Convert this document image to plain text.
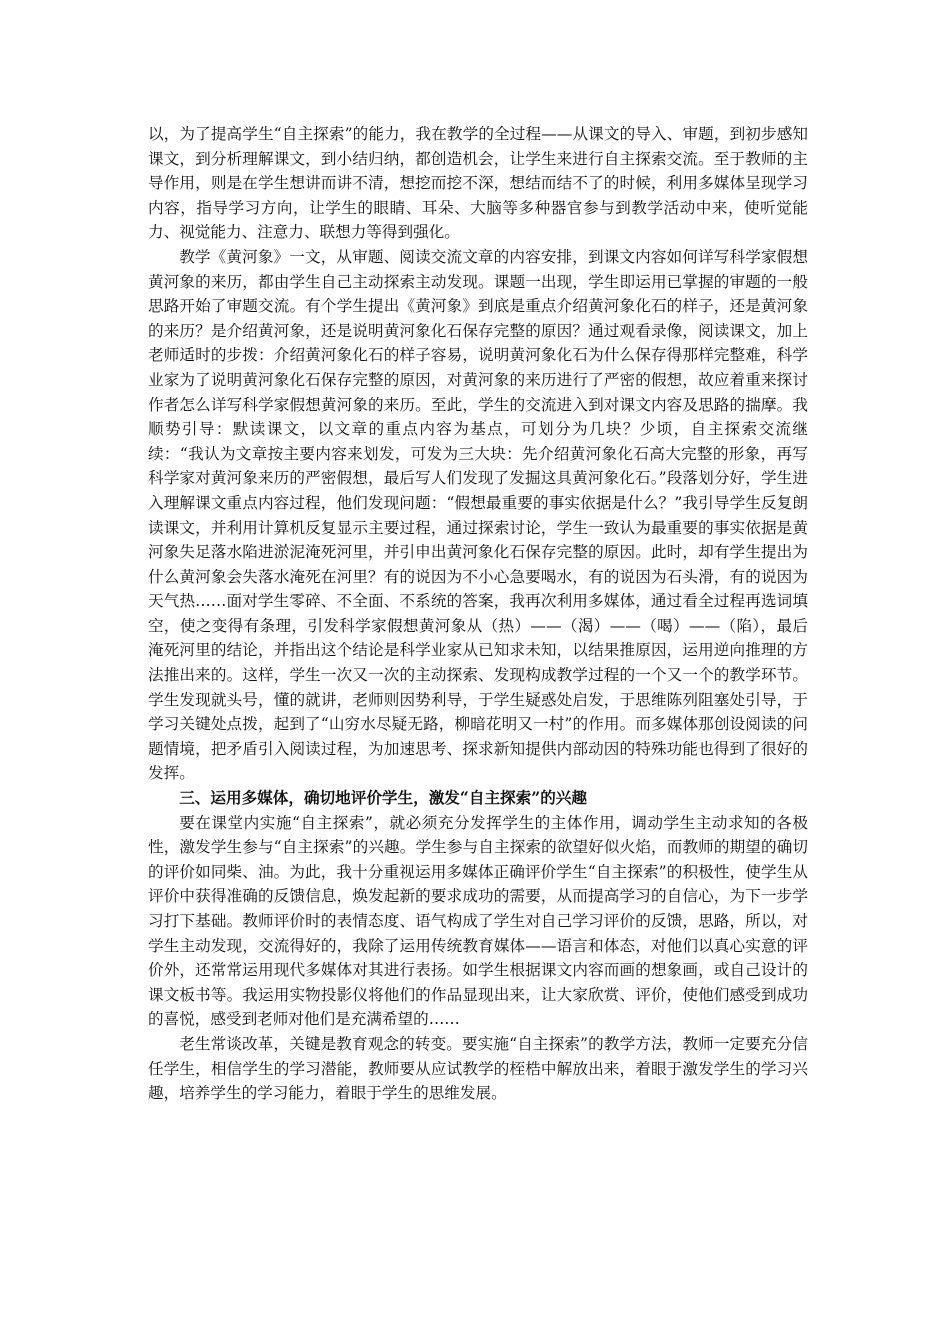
以，为了提高学生“自主探索”的能力，我在教学的全过程——从课文的导入、审题，到初步感知课文，到分析理解课文，到小结归纳，都创造机会，让学生来进行自主探索交流。至于教师的主导作用，则是在学生想讲而讲不清，想挖而挖不深，想结而结不了的时候，利用多媒体呈现学习内容，指导学习方向，让学生的眼睛、耳朵、大脑等多种器官参与到教学活动中来，使听觉能力、视觉能力、注意力、联想力等得到强化。

教学《黄河象》一文，从审题、阅读交流文章的内容安排，到课文内容如何详写科学家假想黄河象的来历，都由学生自己主动探索主动发现。课题一出现，学生即运用已掌握的审题的一般思路开始了审题交流。有个学生提出《黄河象》到底是重点介绍黄河象化石的样子，还是黄河象的来历？是介绍黄河象，还是说明黄河象化石保存完整的原因？通过观看录像，阅读课文，加上老师适时的步拨：介绍黄河象化石的样子容易，说明黄河象化石为什么保存得那样完整难，科学业家为了说明黄河象化石保存完整的原因，对黄河象的来历进行了严密的假想，故应着重来探讨作者怎么详写科学家假想黄河象的来历。至此，学生的交流进入到对课文内容及思路的揣摩。我顺势引导：默读课文，以文章的重点内容为基点，可划分为几块？少顷，自主探索交流继续：“我认为文章按主要内容来划发，可发为三大块：先介绍黄河象化石高大完整的形象，再写科学家对黄河象来历的严密假想，最后写人们发现了发掘这具黄河象化石。”段落划分好，学生进入理解课文重点内容过程，他们发现问题：“假想最重要的事实依据是什么？”我引导学生反复朗读课文，并利用计算机反复显示主要过程，通过探索讨论，学生一致认为最重要的事实依据是黄河象失足落水陷进淤泥淹死河里，并引申出黄河象化石保存完整的原因。此时，却有学生提出为什么黄河象会失落水淹死在河里？有的说因为不小心急要喝水，有的说因为石头滑，有的说因为天气热……面对学生零碎、不全面、不系统的答案，我再次利用多媒体，通过看全过程再选词填空，使之变得有条理，引发科学家假想黄河象从（热）——（渴）——（喝）——（陷），最后淹死河里的结论，并指出这个结论是科学业家从已知求未知，以结果推原因，运用逆向推理的方法推出来的。这样，学生一次又一次的主动探索、发现构成教学过程的一个又一个的教学环节。学生发现就头号，懂的就讲，老师则因势利导，于学生疑惑处启发，于思维陈列阻塞处引导，于学习关键处点拨，起到了“山穷水尽疑无路，柳暗花明又一村”的作用。而多媒体那创设阅读的问题情境，把矛盾引入阅读过程，为加速思考、探求新知提供内部动因的特殊功能也得到了很好的发挥。

三、运用多媒体，确切地评价学生，激发“自主探索”的兴趣

要在课堂内实施“自主探索”，就必须充分发挥学生的主体作用，调动学生主动求知的各极性，激发学生参与“自主探索”的兴趣。学生参与自主探索的欲望好似火焰，而教师的期望的确切的评价如同柴、油。为此，我十分重视运用多媒体正确评价学生“自主探索”的积极性，使学生从评价中获得准确的反馈信息，焕发起新的要求成功的需要，从而提高学习的自信心，为下一步学习打下基础。教师评价时的表情态度、语气构成了学生对自己学习评价的反馈，思路，所以，对学生主动发现，交流得好的，我除了运用传统教育媒体——语言和体态，对他们以真心实意的评价外，还常常运用现代多媒体对其进行表扬。如学生根据课文内容而画的想象画，或自己设计的课文板书等。我运用实物投影仪将他们的作品显现出来，让大家欣赏、评价，使他们感受到成功的喜悦，感受到老师对他们是充满希望的……

老生常谈改革，关键是教育观念的转变。要实施“自主探索”的教学方法，教师一定要充分信任学生，相信学生的学习潜能，教师要从应试教学的桎梏中解放出来，着眼于激发学生的学习兴趣，培养学生的学习能力，着眼于学生的思维发展。
